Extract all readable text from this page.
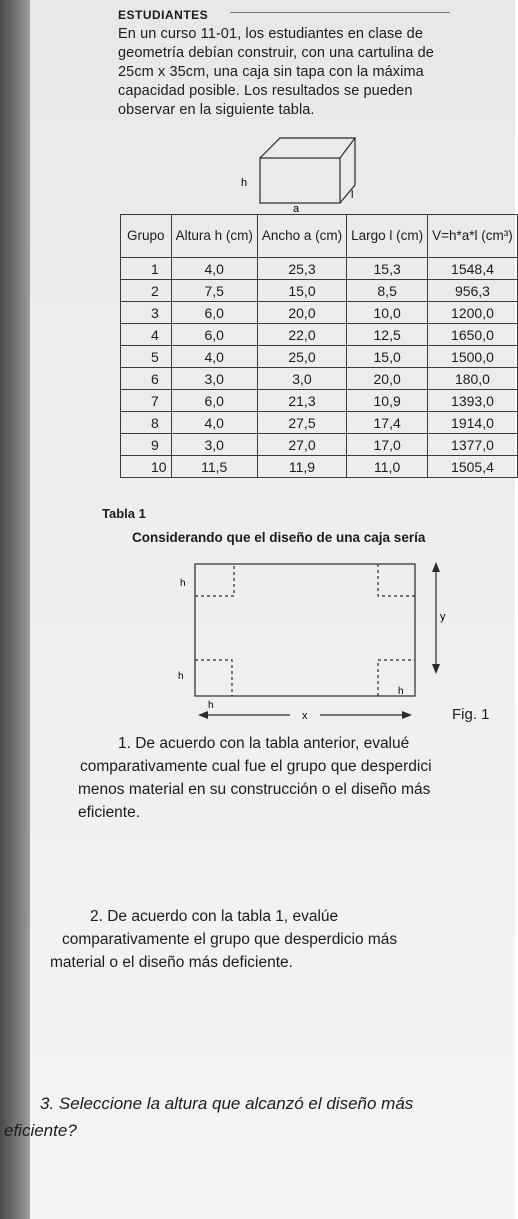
ESTUDIANTES
En un curso 11-01, los estudiantes en clase de
geometría debían construir, con una cartulina de
25cm x 35cm, una caja sin tapa con la máxima
capacidad posible. Los resultados se pueden
observar en la siguiente tabla.
h
a
l
Grupo	Altura h (cm)	Ancho a (cm)	Largo l (cm)	V=h*a*l (cm³)
1	4,0	25,3	15,3	1548,4
2	7,5	15,0	8,5	956,3
3	6,0	20,0	10,0	1200,0
4	6,0	22,0	12,5	1650,0
5	4,0	25,0	15,0	1500,0
6	3,0	3,0	20,0	180,0
7	6,0	21,3	10,9	1393,0
8	4,0	27,5	17,4	1914,0
9	3,0	27,0	17,0	1377,0
10	11,5	11,9	11,0	1505,4
Tabla 1
Considerando que el diseño de una caja sería
h
h
h
h
x
y
Fig. 1
1. De acuerdo con la tabla anterior, evalué
comparativamente cual fue el grupo que desperdici
menos material en su construcción o el diseño más
eficiente.
2. De acuerdo con la tabla 1, evalúe
comparativamente el grupo que desperdicio más
material o el diseño más deficiente.
3. Seleccione la altura que alcanzó el diseño más
eficiente?
